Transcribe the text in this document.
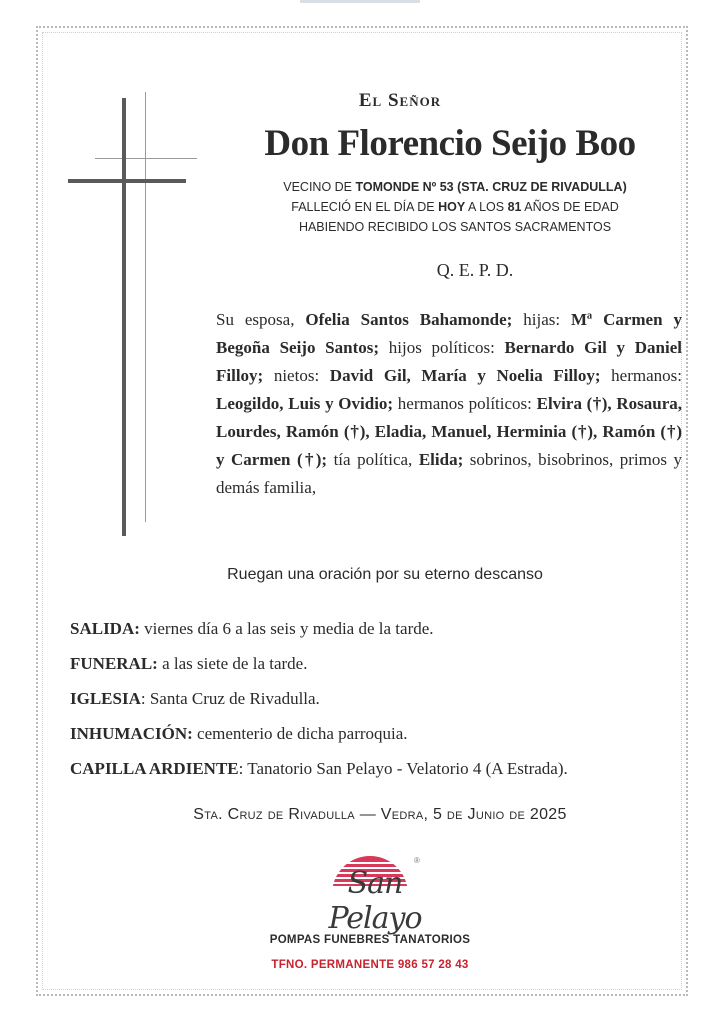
El Señor
Don Florencio Seijo Boo
VECINO DE TOMONDE Nº 53 (STA. CRUZ DE RIVADULLA)
FALLECIÓ EN EL DÍA DE HOY A LOS 81 AÑOS DE EDAD
HABIENDO RECIBIDO LOS SANTOS SACRAMENTOS
Q. E. P. D.
Su esposa, Ofelia Santos Bahamonde; hijas: Mª Carmen y Begoña Seijo Santos; hijos políticos: Bernardo Gil y Daniel Filloy; nietos: David Gil, María y Noelia Filloy; hermanos: Leogildo, Luis y Ovidio; hermanos políticos: Elvira (†), Rosaura, Lourdes, Ramón (†), Eladia, Manuel, Herminia (†), Ramón (†) y Carmen (†); tía política, Elida; sobrinos, bisobrinos, primos y demás familia,
Ruegan una oración por su eterno descanso
SALIDA: viernes día 6 a las seis y media de la tarde.
FUNERAL: a las siete de la tarde.
IGLESIA: Santa Cruz de Rivadulla.
INHUMACIÓN: cementerio de dicha parroquia.
CAPILLA ARDIENTE: Tanatorio San Pelayo - Velatorio 4 (A Estrada).
Sta. Cruz de Rivadulla — Vedra, 5 de Junio de 2025
San Pelayo
®
POMPAS FUNEBRES TANATORIOS
TFNO. PERMANENTE 986 57 28 43
